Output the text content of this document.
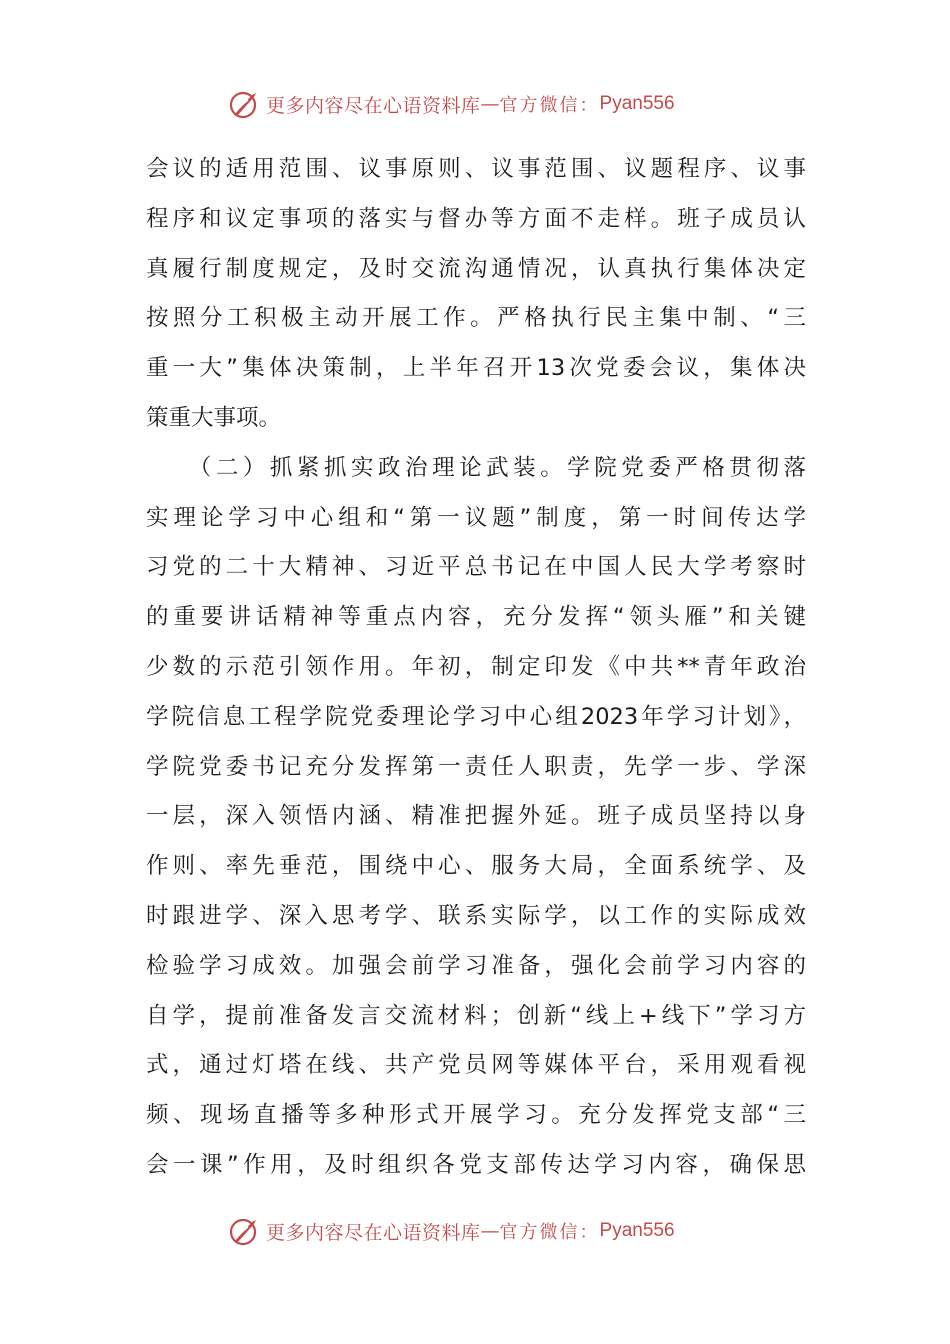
更多内容尽在心语资料库 — 官方微信： Pyan556
会议的适用范围、议事原则、议事范围、议题程序、议事
程序和议定事项的落实与督办等方面不走样。班子成员认
真履行制度规定，及时交流沟通情况，认真执行集体决定
按照分工积极主动开展工作。严格执行民主集中制、“三
重一大”集体决策制，上半年召开13次党委会议，集体决
策重大事项。
　　（二）抓紧抓实政治理论武装。学院党委严格贯彻落
实理论学习中心组和“第一议题”制度，第一时间传达学
习党的二十大精神、习近平总书记在中国人民大学考察时
的重要讲话精神等重点内容，充分发挥“领头雁”和关键
少数的示范引领作用。年初，制定印发《中共**青年政治
学院信息工程学院党委理论学习中心组2023年学习计划》，
学院党委书记充分发挥第一责任人职责，先学一步、学深
一层，深入领悟内涵、精准把握外延。班子成员坚持以身
作则、率先垂范，围绕中心、服务大局，全面系统学、及
时跟进学、深入思考学、联系实际学，以工作的实际成效
检验学习成效。加强会前学习准备，强化会前学习内容的
自学，提前准备发言交流材料；创新“线上+线下”学习方
式，通过灯塔在线、共产党员网等媒体平台，采用观看视
频、现场直播等多种形式开展学习。充分发挥党支部“三
会一课”作用，及时组织各党支部传达学习内容，确保思
更多内容尽在心语资料库 — 官方微信： Pyan556
